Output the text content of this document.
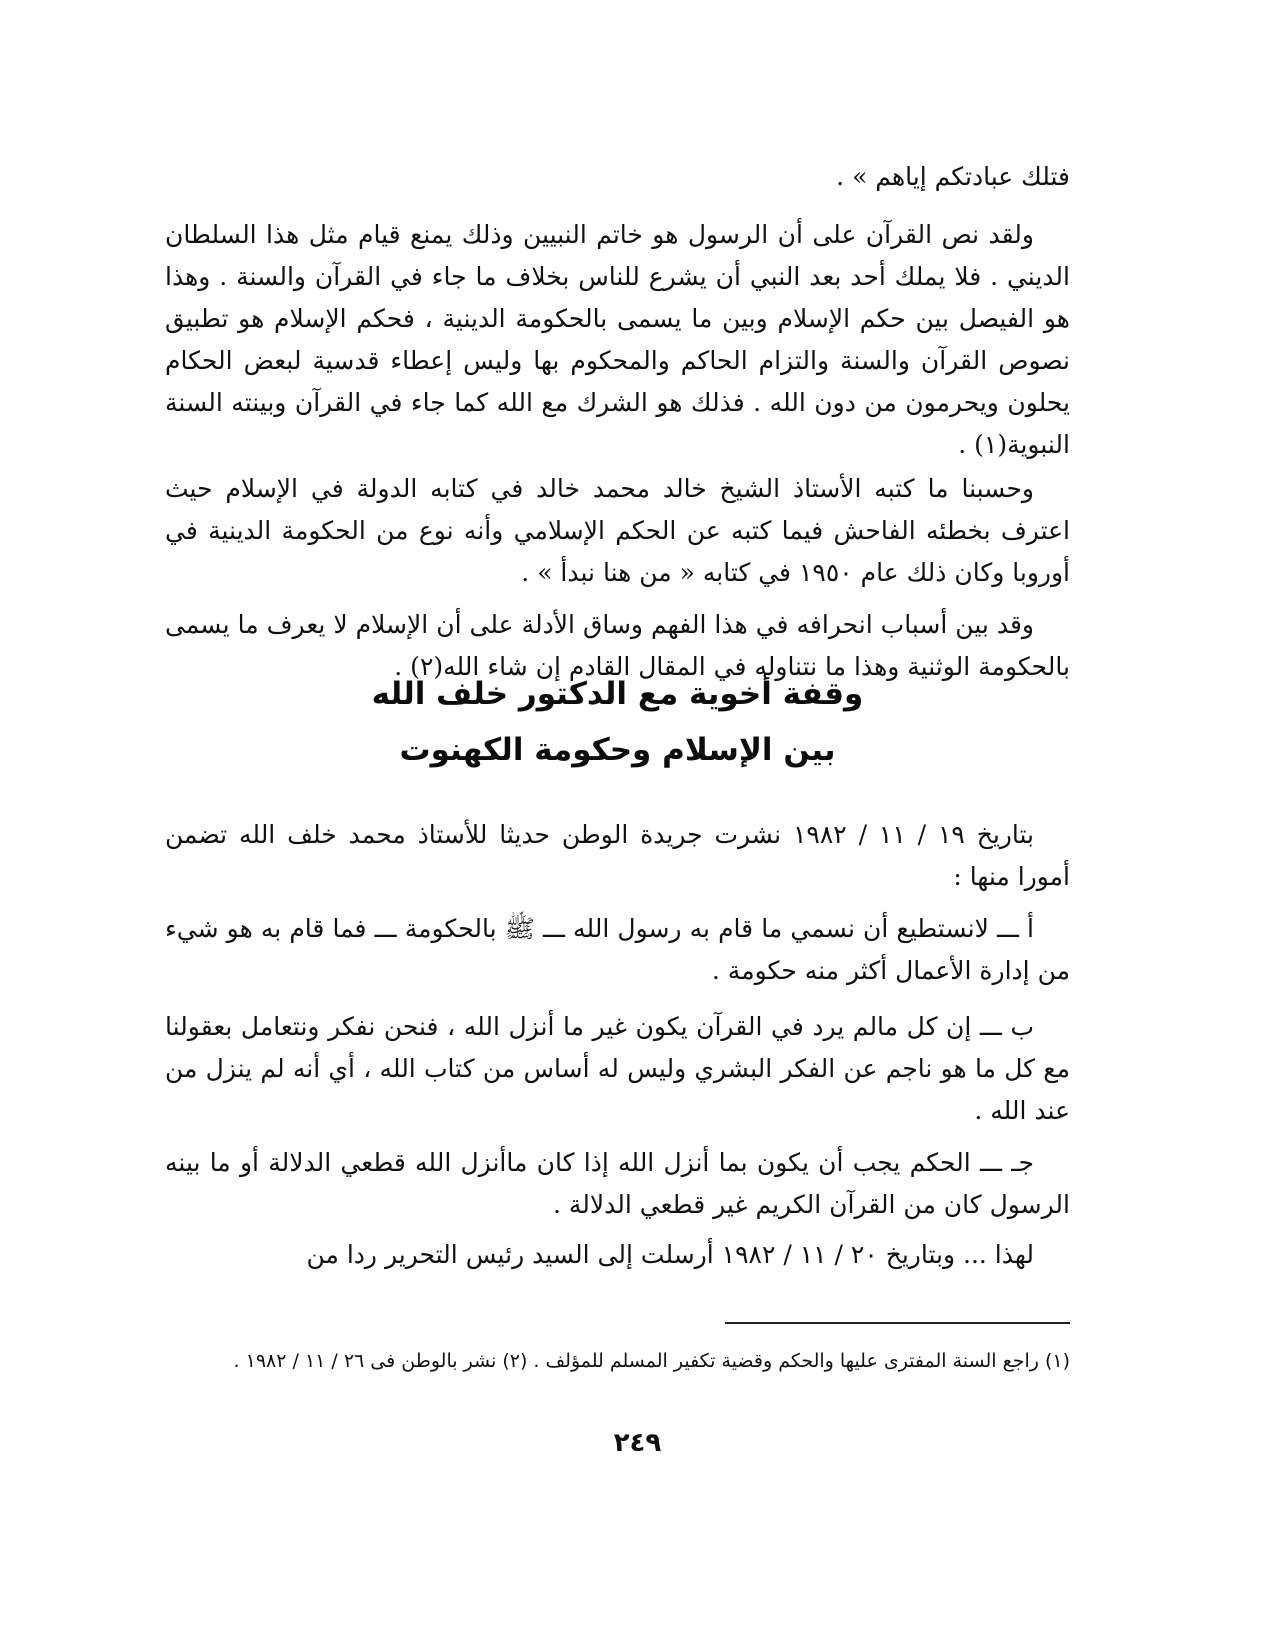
فتلك عبادتكم إياهم » .

ولقد نص القرآن على أن الرسول هو خاتم النبيين وذلك يمنع قيام مثل هذا السلطان الديني . فلا يملك أحد بعد النبي أن يشرع للناس بخلاف ما جاء في القرآن والسنة . وهذا هو الفيصل بين حكم الإسلام وبين ما يسمى بالحكومة الدينية ، فحكم الإسلام هو تطبيق نصوص القرآن والسنة والتزام الحاكم والمحكوم بها وليس إعطاء قدسية لبعض الحكام يحلون ويحرمون من دون الله . فذلك هو الشرك مع الله كما جاء في القرآن وبينته السنة النبوية(١) .

وحسبنا ما كتبه الأستاذ الشيخ خالد محمد خالد في كتابه الدولة في الإسلام حيث اعترف بخطئه الفاحش فيما كتبه عن الحكم الإسلامي وأنه نوع من الحكومة الدينية في أوروبا وكان ذلك عام ١٩٥٠ في كتابه « من هنا نبدأ » .

وقد بين أسباب انحرافه في هذا الفهم وساق الأدلة على أن الإسلام لا يعرف ما يسمى بالحكومة الوثنية وهذا ما نتناوله في المقال القادم إن شاء الله(٢) .

وقفة أخوية مع الدكتور خلف الله
بين الإسلام وحكومة الكهنوت

بتاريخ ١٩ / ١١ / ١٩٨٢ نشرت جريدة الوطن حديثا للأستاذ محمد خلف الله تضمن أمورا منها :

أ ـــ لانستطيع أن نسمي ما قام به رسول الله ـــ ﷺ بالحكومة ـــ فما قام به هو شيء من إدارة الأعمال أكثر منه حكومة .

ب ـــ إن كل مالم يرد في القرآن يكون غير ما أنزل الله ، فنحن نفكر ونتعامل بعقولنا مع كل ما هو ناجم عن الفكر البشري وليس له أساس من كتاب الله ، أي أنه لم ينزل من عند الله .

جـ ـــ الحكم يجب أن يكون بما أنزل الله إذا كان ماأنزل الله قطعي الدلالة أو ما بينه الرسول كان من القرآن الكريم غير قطعي الدلالة .

لهذا ... وبتاريخ ٢٠ / ١١ / ١٩٨٢ أرسلت إلى السيد رئيس التحرير ردا من

(١) راجع السنة المفترى عليها والحكم وقضية تكفير المسلم للمؤلف . (٢) نشر بالوطن فى ٢٦ / ١١ / ١٩٨٢ .
٢٤٩
